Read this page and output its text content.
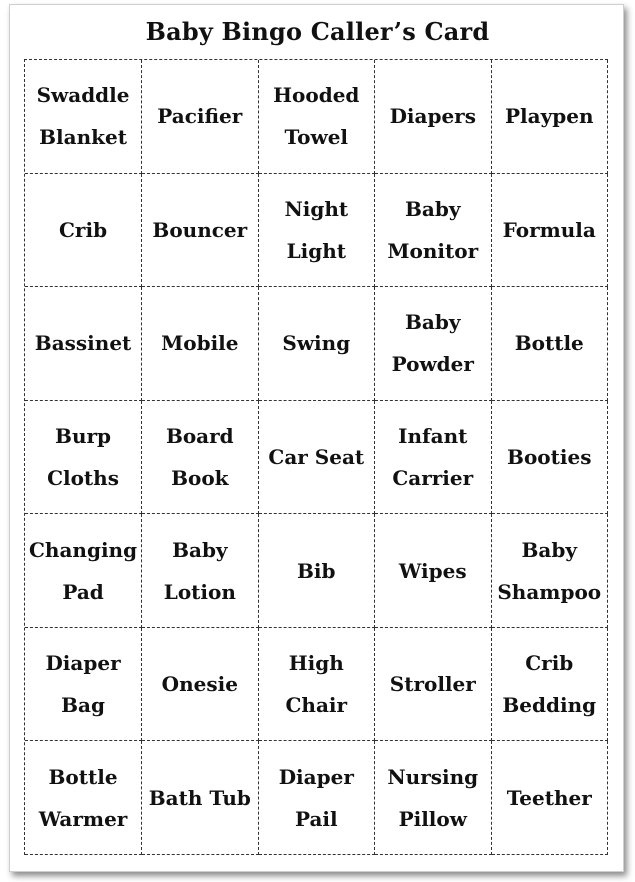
Baby Bingo Caller’s Card
Swaddle
Blanket
Pacifier
Hooded
Towel
Diapers Playpen
Crib Bouncer
Night
Light
Baby
Monitor
Formula
Bassinet Mobile Swing
Baby
Powder
Bottle
Burp
Cloths
Board
Book
Car Seat
Infant
Carrier
Booties
Changing
Pad
Baby
Lotion
Bib	Wipes
Baby
Shampoo
Diaper
Bag
Onesie
High
Chair
Stroller
Crib
Bedding
Bottle
Warmer
Bath Tub
Diaper
Pail
Nursing
Pillow
Teether
